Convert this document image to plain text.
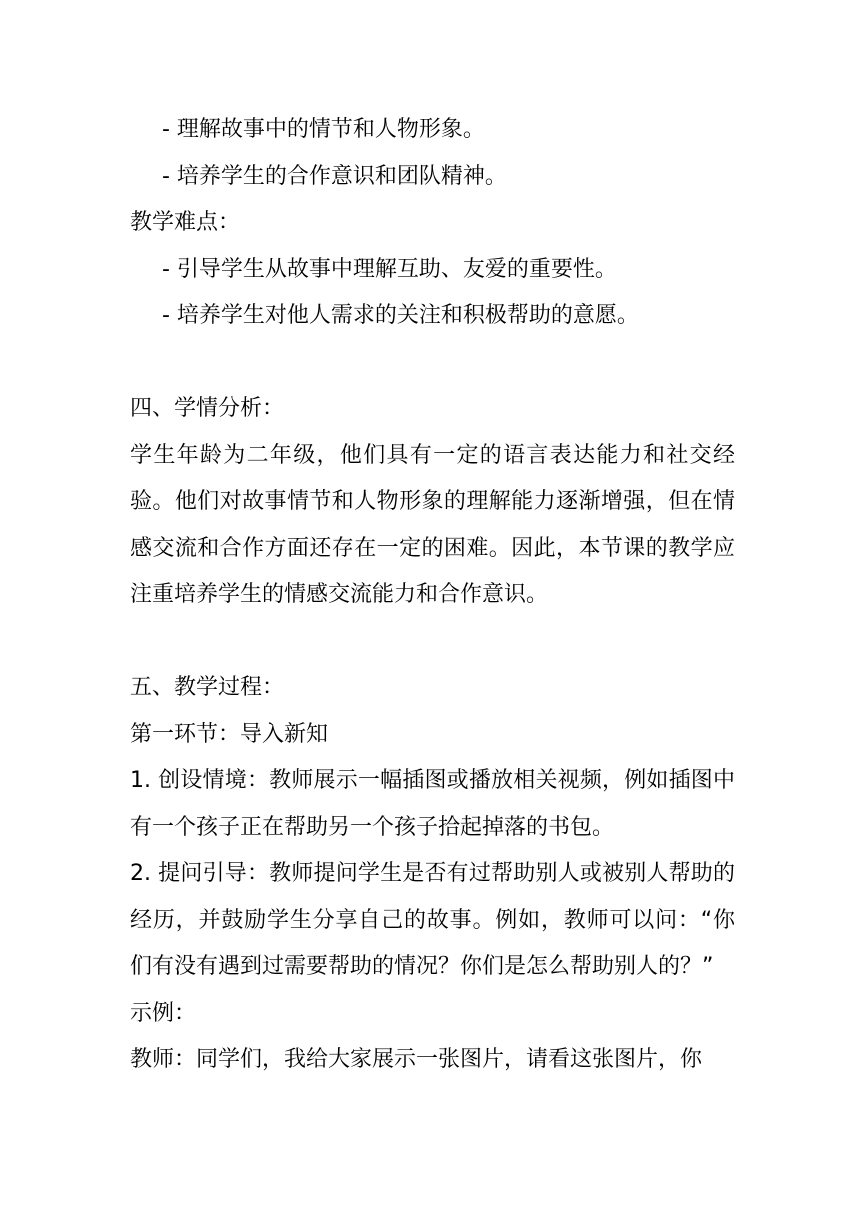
- 理解故事中的情节和人物形象。
- 培养学生的合作意识和团队精神。
教学难点：
- 引导学生从故事中理解互助、友爱的重要性。
- 培养学生对他人需求的关注和积极帮助的意愿。
四、学情分析：
学生年龄为二年级，他们具有一定的语言表达能力和社交经验。他们对故事情节和人物形象的理解能力逐渐增强，但在情感交流和合作方面还存在一定的困难。因此，本节课的教学应注重培养学生的情感交流能力和合作意识。
五、教学过程：
第一环节：导入新知
1. 创设情境：教师展示一幅插图或播放相关视频，例如插图中有一个孩子正在帮助另一个孩子拾起掉落的书包。
2. 提问引导：教师提问学生是否有过帮助别人或被别人帮助的经历，并鼓励学生分享自己的故事。例如，教师可以问：“你们有没有遇到过需要帮助的情况？你们是怎么帮助别人的？”
示例：
教师：同学们，我给大家展示一张图片，请看这张图片，你
